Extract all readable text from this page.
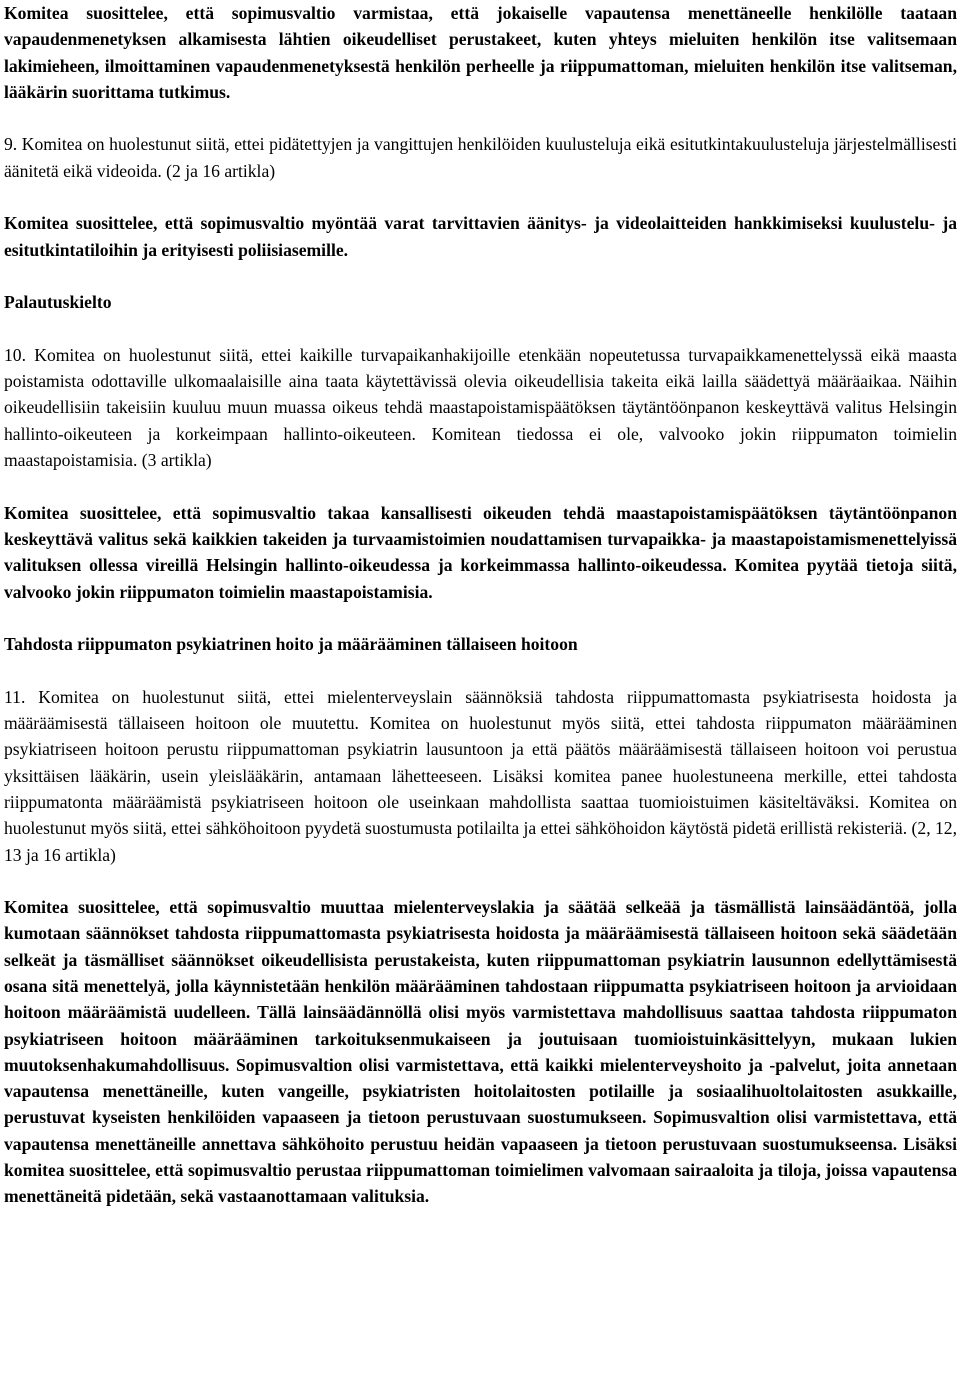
Komitea suosittelee, että sopimusvaltio varmistaa, että jokaiselle vapautensa menettäneelle henkilölle taataan vapaudenmenetyksen alkamisesta lähtien oikeudelliset perustakeet, kuten yhteys mieluiten henkilön itse valitsemaan lakimieheen, ilmoittaminen vapaudenmenetyksestä henkilön perheelle ja riippumattoman, mieluiten henkilön itse valitseman, lääkärin suorittama tutkimus.

9. Komitea on huolestunut siitä, ettei pidätettyjen ja vangittujen henkilöiden kuulusteluja eikä esitutkintakuulusteluja järjestelmällisesti äänitetä eikä videoida. (2 ja 16 artikla)

Komitea suosittelee, että sopimusvaltio myöntää varat tarvittavien äänitys- ja videolaitteiden hankkimiseksi kuulustelu- ja esitutkintatiloihin ja erityisesti poliisiasemille.

Palautuskielto

10. Komitea on huolestunut siitä, ettei kaikille turvapaikanhakijoille etenkään nopeutetussa turvapaikkamenettelyssä eikä maasta poistamista odottaville ulkomaalaisille aina taata käytettävissä olevia oikeudellisia takeita eikä lailla säädettyä määräaikaa. Näihin oikeudellisiin takeisiin kuuluu muun muassa oikeus tehdä maastapoistamispäätöksen täytäntöönpanon keskeyttävä valitus Helsingin hallinto-oikeuteen ja korkeimpaan hallinto-oikeuteen. Komitean tiedossa ei ole, valvooko jokin riippumaton toimielin maastapoistamisia. (3 artikla)

Komitea suosittelee, että sopimusvaltio takaa kansallisesti oikeuden tehdä maastapoistamispäätöksen täytäntöönpanon keskeyttävä valitus sekä kaikkien takeiden ja turvaamistoimien noudattamisen turvapaikka- ja maastapoistamismenettelyissä valituksen ollessa vireillä Helsingin hallinto-oikeudessa ja korkeimmassa hallinto-oikeudessa. Komitea pyytää tietoja siitä, valvooko jokin riippumaton toimielin maastapoistamisia.

Tahdosta riippumaton psykiatrinen hoito ja määrääminen tällaiseen hoitoon

11. Komitea on huolestunut siitä, ettei mielenterveyslain säännöksiä tahdosta riippumattomasta psykiatrisesta hoidosta ja määräämisestä tällaiseen hoitoon ole muutettu. Komitea on huolestunut myös siitä, ettei tahdosta riippumaton määrääminen psykiatriseen hoitoon perustu riippumattoman psykiatrin lausuntoon ja että päätös määräämisestä tällaiseen hoitoon voi perustua yksittäisen lääkärin, usein yleislääkärin, antamaan lähetteeseen. Lisäksi komitea panee huolestuneena merkille, ettei tahdosta riippumatonta määräämistä psykiatriseen hoitoon ole useinkaan mahdollista saattaa tuomioistuimen käsiteltäväksi. Komitea on huolestunut myös siitä, ettei sähköhoitoon pyydetä suostumusta potilailta ja ettei sähköhoidon käytöstä pidetä erillistä rekisteriä. (2, 12, 13 ja 16 artikla)

Komitea suosittelee, että sopimusvaltio muuttaa mielenterveyslakia ja säätää selkeää ja täsmällistä lainsäädäntöä, jolla kumotaan säännökset tahdosta riippumattomasta psykiatrisesta hoidosta ja määräämisestä tällaiseen hoitoon sekä säädetään selkeät ja täsmälliset säännökset oikeudellisista perustakeista, kuten riippumattoman psykiatrin lausunnon edellyttämisestä osana sitä menettelyä, jolla käynnistetään henkilön määrääminen tahdostaan riippumatta psykiatriseen hoitoon ja arvioidaan hoitoon määräämistä uudelleen. Tällä lainsäädännöllä olisi myös varmistettava mahdollisuus saattaa tahdosta riippumaton psykiatriseen hoitoon määrääminen tarkoituksenmukaiseen ja joutuisaan tuomioistuinkäsittelyyn, mukaan lukien muutoksenhakumahdollisuus. Sopimusvaltion olisi varmistettava, että kaikki mielenterveyshoito ja -palvelut, joita annetaan vapautensa menettäneille, kuten vangeille, psykiatristen hoitolaitosten potilaille ja sosiaalihuoltolaitosten asukkaille, perustuvat kyseisten henkilöiden vapaaseen ja tietoon perustuvaan suostumukseen. Sopimusvaltion olisi varmistettava, että vapautensa menettäneille annettava sähköhoito perustuu heidän vapaaseen ja tietoon perustuvaan suostumukseensa. Lisäksi komitea suosittelee, että sopimusvaltio perustaa riippumattoman toimielimen valvomaan sairaaloita ja tiloja, joissa vapautensa menettäneitä pidetään, sekä vastaanottamaan valituksia.
